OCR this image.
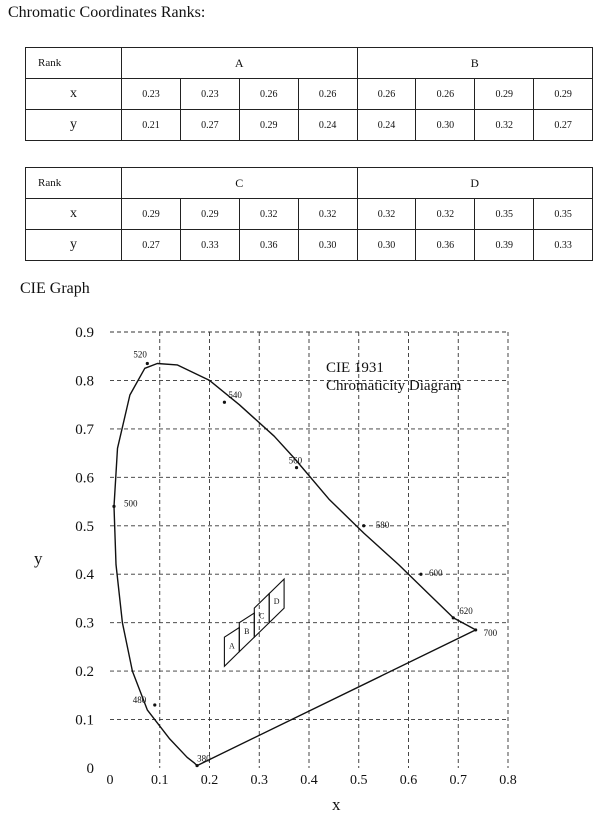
Chromatic Coordinates Ranks:
Rank	A				B			
x	0.23	0.23	0.26	0.26	0.26	0.26	0.29	0.29
y	0.21	0.27	0.29	0.24	0.24	0.30	0.32	0.27
Rank	C				D			
x	0.29	0.29	0.32	0.32	0.32	0.32	0.35	0.35
y	0.27	0.33	0.36	0.30	0.30	0.36	0.39	0.33
CIE Graph
0	0.1 0.2 0.3 0.4 0.5 0.6 0.7 0.8
0
0.1
0.2
0.3
0.4
0.5
0.6
0.7
0.8
0.9
380
480
500
520
540
560
580
600
620
700
A
B
C
D
CIE 1931 Chromaticity Diagram
x
y
